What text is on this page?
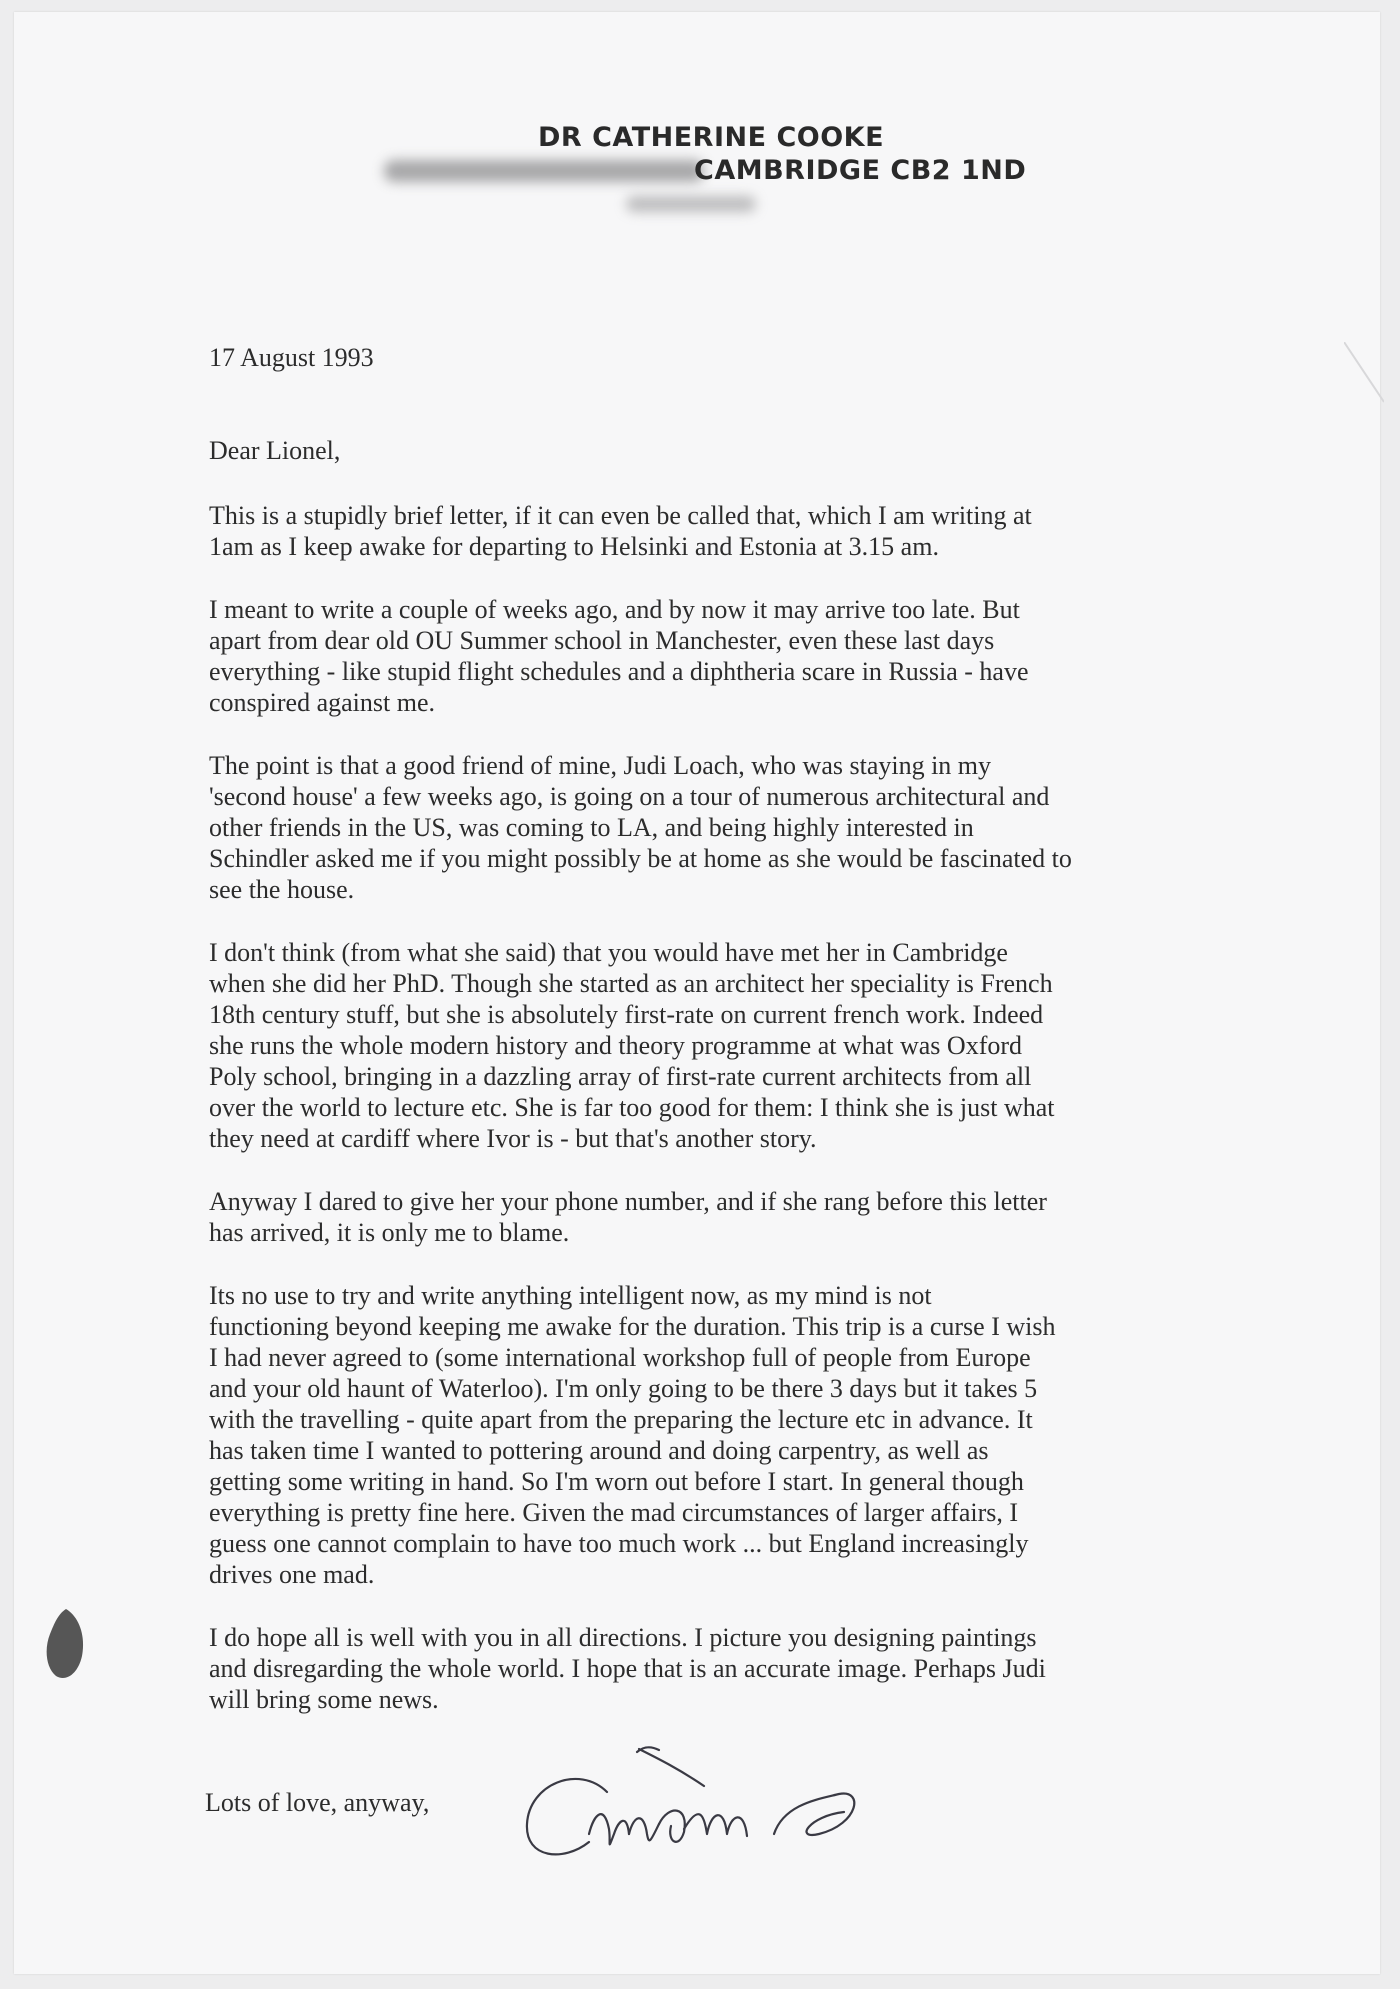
DR CATHERINE COOKE
CAMBRIDGE CB2 1ND

17 August 1993

Dear Lionel,

This is a stupidly brief letter, if it can even be called that, which I am writing at
1am as I keep awake for departing to Helsinki and Estonia at 3.15 am.

I meant to write a couple of weeks ago, and by now it may arrive too late. But
apart from dear old OU Summer school in Manchester, even these last days
everything - like stupid flight schedules and a diphtheria scare in Russia - have
conspired against me.

The point is that a good friend of mine, Judi Loach, who was staying in my
'second house' a few weeks ago, is going on a tour of numerous architectural and
other friends in the US, was coming to LA, and being highly interested in
Schindler asked me if you might possibly be at home as she would be fascinated to
see the house.

I don't think (from what she said) that you would have met her in Cambridge
when she did her PhD. Though she started as an architect her speciality is French
18th century stuff, but she is absolutely first-rate on current french work. Indeed
she runs the whole modern history and theory programme at what was Oxford
Poly school, bringing in a dazzling array of first-rate current architects from all
over the world to lecture etc. She is far too good for them: I think she is just what
they need at cardiff where Ivor is - but that's another story.

Anyway I dared to give her your phone number, and if she rang before this letter
has arrived, it is only me to blame.

Its no use to try and write anything intelligent now, as my mind is not
functioning beyond keeping me awake for the duration. This trip is a curse I wish
I had never agreed to (some international workshop full of people from Europe
and your old haunt of Waterloo). I'm only going to be there 3 days but it takes 5
with the travelling - quite apart from the preparing the lecture etc in advance. It
has taken time I wanted to pottering around and doing carpentry, as well as
getting some writing in hand. So I'm worn out before I start. In general though
everything is pretty fine here. Given the mad circumstances of larger affairs, I
guess one cannot complain to have too much work ... but England increasingly
drives one mad.

I do hope all is well with you in all directions. I picture you designing paintings
and disregarding the whole world. I hope that is an accurate image. Perhaps Judi
will bring some news.

Lots of love, anyway,
